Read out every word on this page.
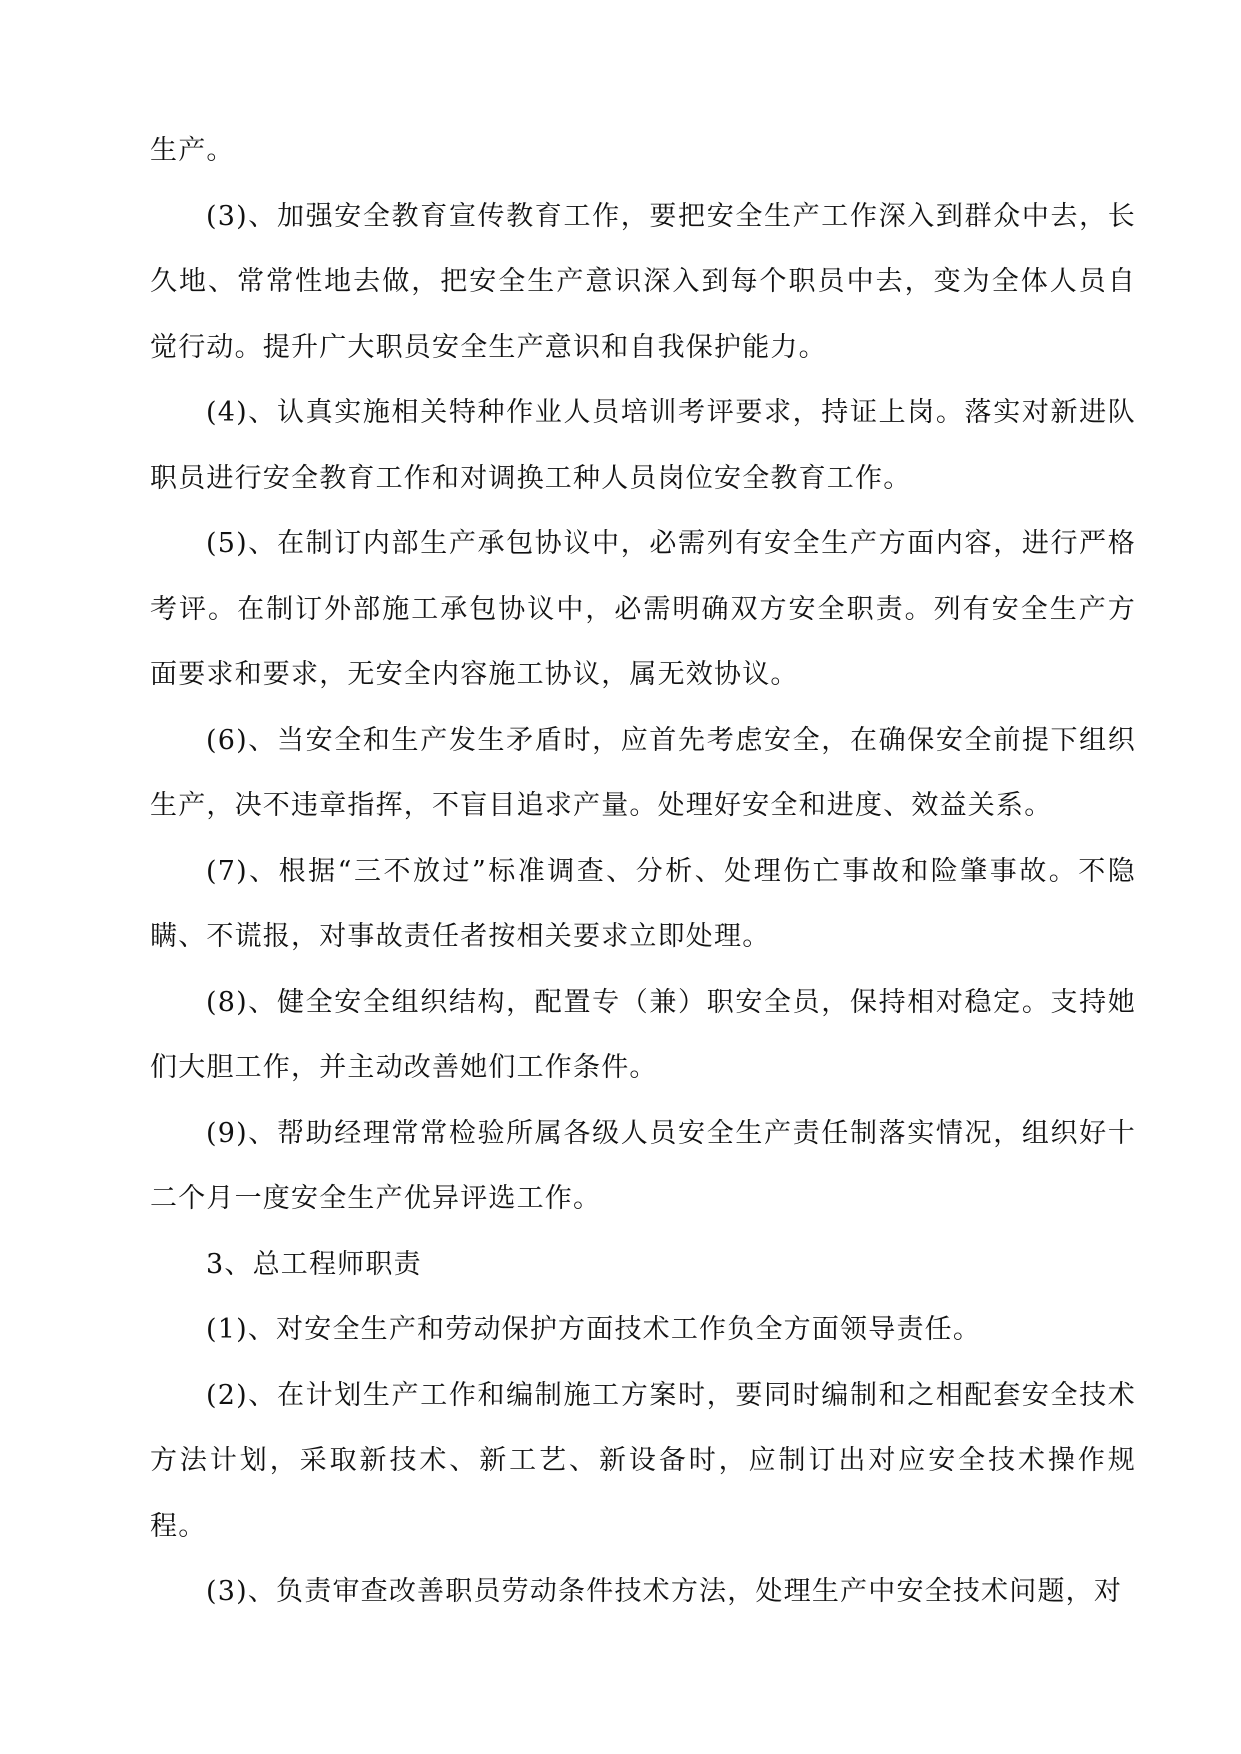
生产。

(3)、加强安全教育宣传教育工作，要把安全生产工作深入到群众中去，长久地、常常性地去做，把安全生产意识深入到每个职员中去，变为全体人员自觉行动。提升广大职员安全生产意识和自我保护能力。

(4)、认真实施相关特种作业人员培训考评要求，持证上岗。落实对新进队职员进行安全教育工作和对调换工种人员岗位安全教育工作。

(5)、在制订内部生产承包协议中，必需列有安全生产方面内容，进行严格考评。在制订外部施工承包协议中，必需明确双方安全职责。列有安全生产方面要求和要求，无安全内容施工协议，属无效协议。

(6)、当安全和生产发生矛盾时，应首先考虑安全，在确保安全前提下组织生产，决不违章指挥，不盲目追求产量。处理好安全和进度、效益关系。

(7)、根据“三不放过”标准调查、分析、处理伤亡事故和险肇事故。不隐瞒、不谎报，对事故责任者按相关要求立即处理。

(8)、健全安全组织结构，配置专（兼）职安全员，保持相对稳定。支持她们大胆工作，并主动改善她们工作条件。

(9)、帮助经理常常检验所属各级人员安全生产责任制落实情况，组织好十二个月一度安全生产优异评选工作。

3、总工程师职责

(1)、对安全生产和劳动保护方面技术工作负全方面领导责任。

(2)、在计划生产工作和编制施工方案时，要同时编制和之相配套安全技术方法计划，采取新技术、新工艺、新设备时，应制订出对应安全技术操作规程。

(3)、负责审查改善职员劳动条件技术方法，处理生产中安全技术问题，对
